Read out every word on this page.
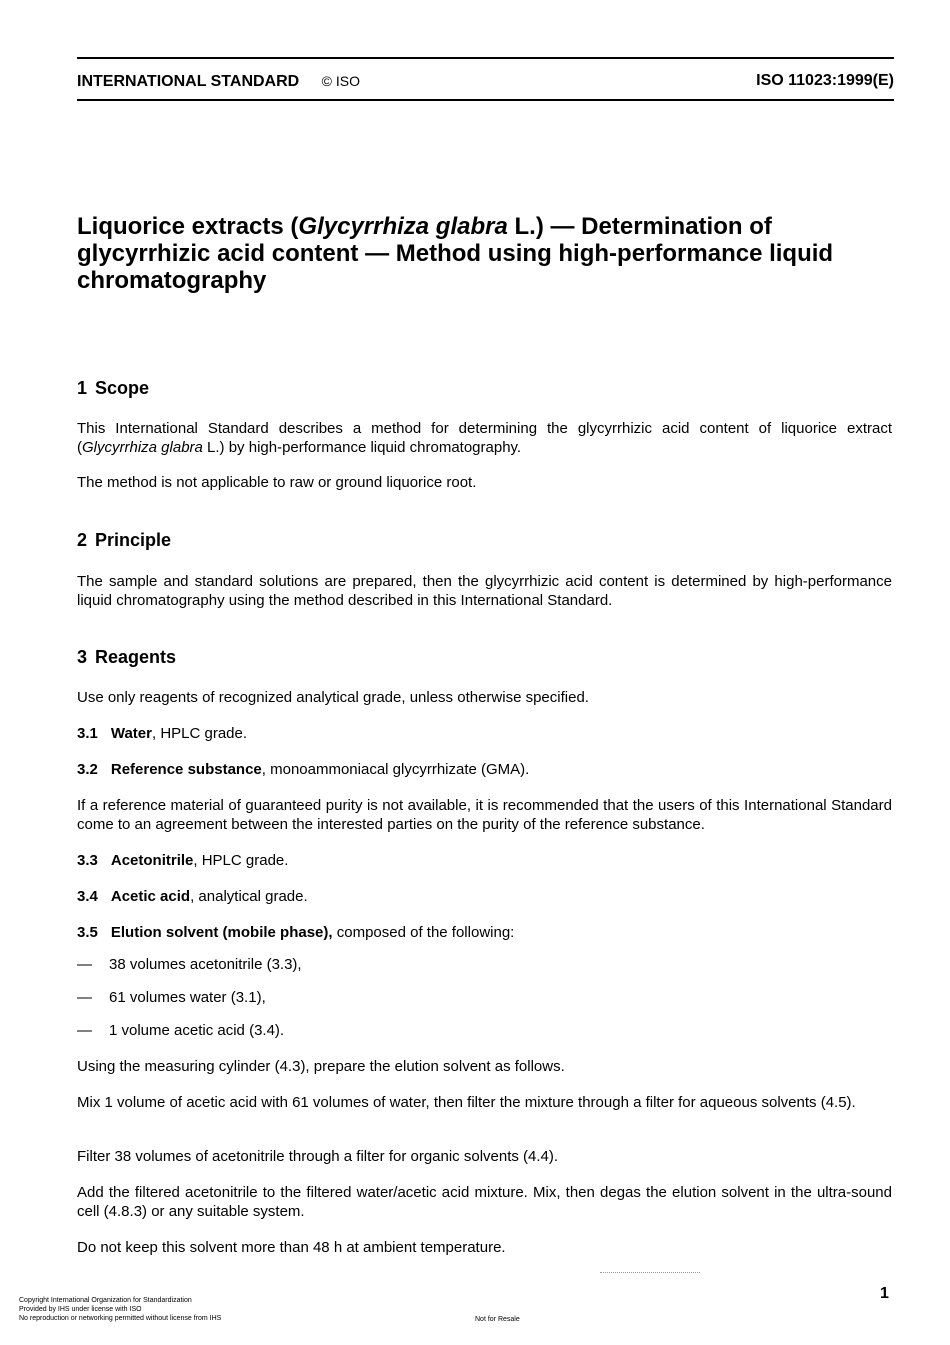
INTERNATIONAL STANDARD © ISO	ISO 11023:1999(E)
Liquorice extracts (Glycyrrhiza glabra L.) — Determination of glycyrrhizic acid content — Method using high-performance liquid chromatography
1 Scope
This International Standard describes a method for determining the glycyrrhizic acid content of liquorice extract (Glycyrrhiza glabra L.) by high-performance liquid chromatography.
The method is not applicable to raw or ground liquorice root.
2 Principle
The sample and standard solutions are prepared, then the glycyrrhizic acid content is determined by high-performance liquid chromatography using the method described in this International Standard.
3 Reagents
Use only reagents of recognized analytical grade, unless otherwise specified.
3.1 Water, HPLC grade.
3.2 Reference substance, monoammoniacal glycyrrhizate (GMA).
If a reference material of guaranteed purity is not available, it is recommended that the users of this International Standard come to an agreement between the interested parties on the purity of the reference substance.
3.3 Acetonitrile, HPLC grade.
3.4 Acetic acid, analytical grade.
3.5 Elution solvent (mobile phase), composed of the following:
— 38 volumes acetonitrile (3.3),
— 61 volumes water (3.1),
— 1 volume acetic acid (3.4).
Using the measuring cylinder (4.3), prepare the elution solvent as follows.
Mix 1 volume of acetic acid with 61 volumes of water, then filter the mixture through a filter for aqueous solvents (4.5).
Filter 38 volumes of acetonitrile through a filter for organic solvents (4.4).
Add the filtered acetonitrile to the filtered water/acetic acid mixture. Mix, then degas the elution solvent in the ultra-sound cell (4.8.3) or any suitable system.
Do not keep this solvent more than 48 h at ambient temperature.
1
Copyright International Organization for Standardization
Provided by IHS under license with ISO
No reproduction or networking permitted without license from IHS	Not for Resale
